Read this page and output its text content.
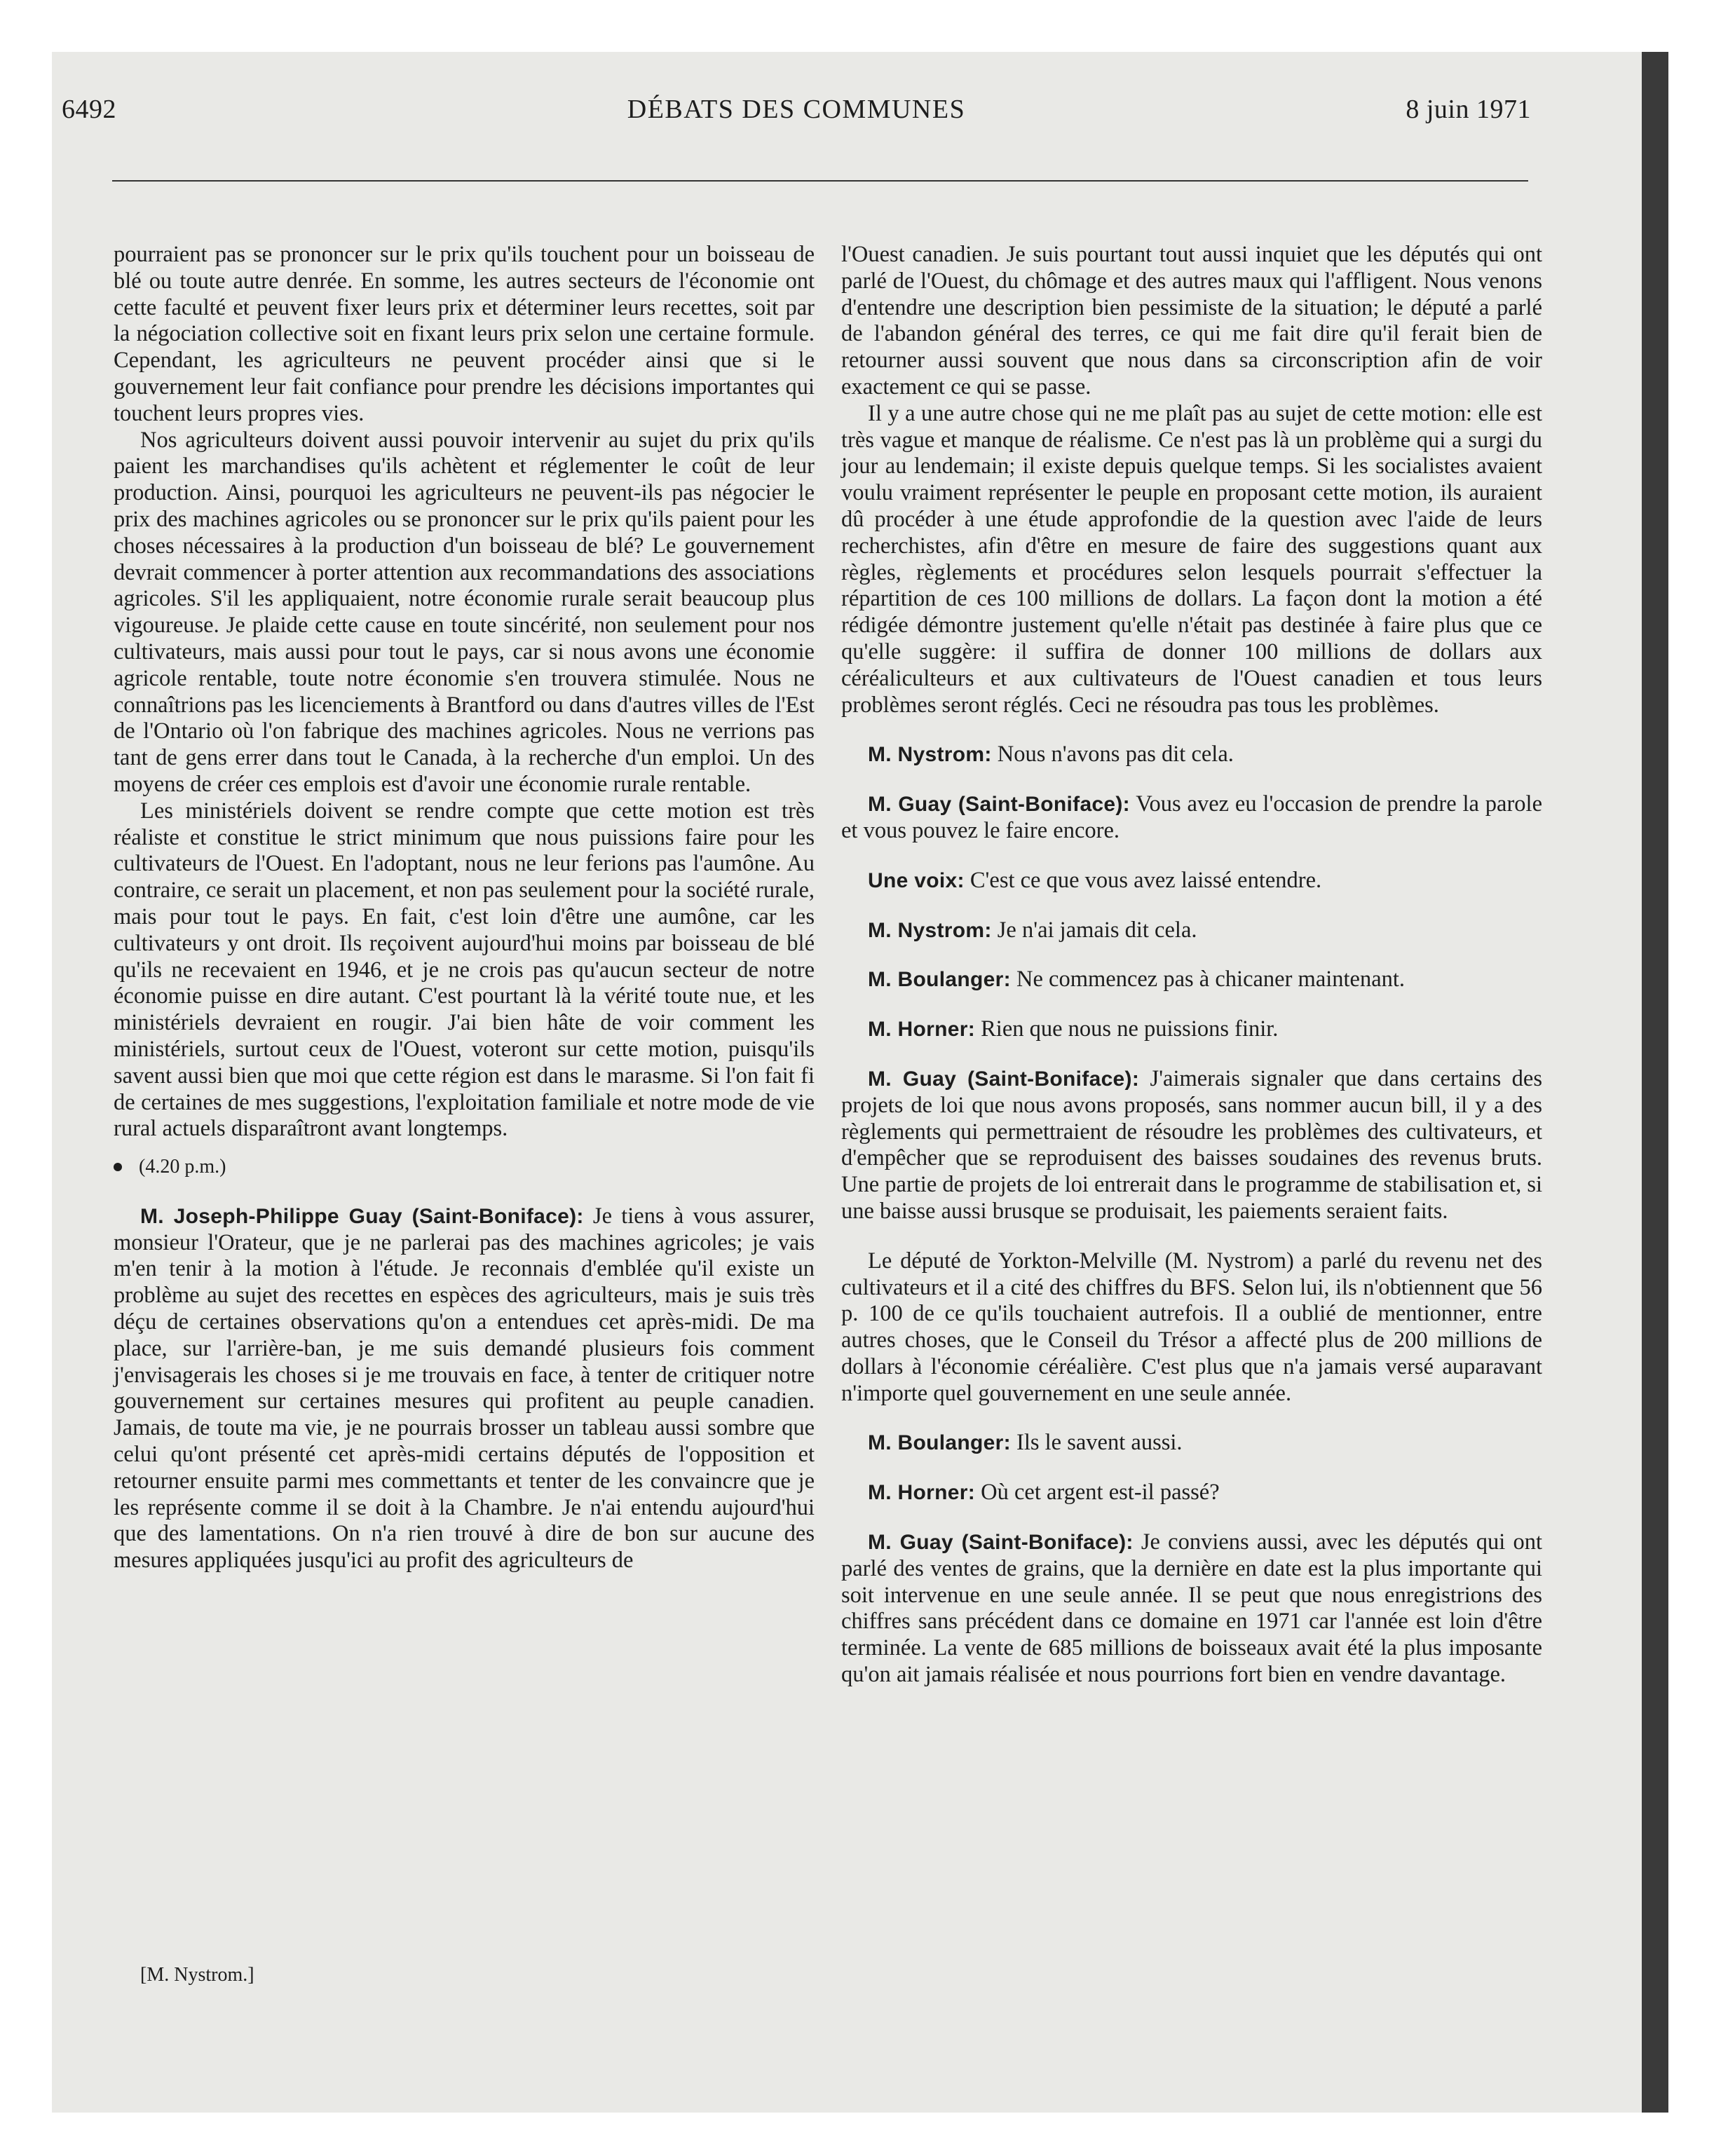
6492	DÉBATS DES COMMUNES	8 juin 1971

pourraient pas se prononcer sur le prix qu'ils touchent pour un boisseau de blé ou toute autre denrée. En somme, les autres secteurs de l'économie ont cette faculté et peuvent fixer leurs prix et déterminer leurs recettes, soit par la négociation collective soit en fixant leurs prix selon une certaine formule. Cependant, les agriculteurs ne peuvent procéder ainsi que si le gouvernement leur fait confiance pour prendre les décisions importantes qui touchent leurs propres vies.

Nos agriculteurs doivent aussi pouvoir intervenir au sujet du prix qu'ils paient les marchandises qu'ils achètent et réglementer le coût de leur production. Ainsi, pourquoi les agriculteurs ne peuvent-ils pas négocier le prix des machines agricoles ou se prononcer sur le prix qu'ils paient pour les choses nécessaires à la production d'un boisseau de blé? Le gouvernement devrait commencer à porter attention aux recommandations des associations agricoles. S'il les appliquaient, notre économie rurale serait beaucoup plus vigoureuse. Je plaide cette cause en toute sincérité, non seulement pour nos cultivateurs, mais aussi pour tout le pays, car si nous avons une économie agricole rentable, toute notre économie s'en trouvera stimulée. Nous ne connaîtrions pas les licenciements à Brantford ou dans d'autres villes de l'Est de l'Ontario où l'on fabrique des machines agricoles. Nous ne verrions pas tant de gens errer dans tout le Canada, à la recherche d'un emploi. Un des moyens de créer ces emplois est d'avoir une économie rurale rentable.

Les ministériels doivent se rendre compte que cette motion est très réaliste et constitue le strict minimum que nous puissions faire pour les cultivateurs de l'Ouest. En l'adoptant, nous ne leur ferions pas l'aumône. Au contraire, ce serait un placement, et non pas seulement pour la société rurale, mais pour tout le pays. En fait, c'est loin d'être une aumône, car les cultivateurs y ont droit. Ils reçoivent aujourd'hui moins par boisseau de blé qu'ils ne recevaient en 1946, et je ne crois pas qu'aucun secteur de notre économie puisse en dire autant. C'est pourtant là la vérité toute nue, et les ministériels devraient en rougir. J'ai bien hâte de voir comment les ministériels, surtout ceux de l'Ouest, voteront sur cette motion, puisqu'ils savent aussi bien que moi que cette région est dans le marasme. Si l'on fait fi de certaines de mes suggestions, l'exploitation familiale et notre mode de vie rural actuels disparaîtront avant longtemps.

(4.20 p.m.)

M. Joseph-Philippe Guay (Saint-Boniface): Je tiens à vous assurer, monsieur l'Orateur, que je ne parlerai pas des machines agricoles; je vais m'en tenir à la motion à l'étude. Je reconnais d'emblée qu'il existe un problème au sujet des recettes en espèces des agriculteurs, mais je suis très déçu de certaines observations qu'on a entendues cet après-midi. De ma place, sur l'arrière-ban, je me suis demandé plusieurs fois comment j'envisagerais les choses si je me trouvais en face, à tenter de critiquer notre gouvernement sur certaines mesures qui profitent au peuple canadien. Jamais, de toute ma vie, je ne pourrais brosser un tableau aussi sombre que celui qu'ont présenté cet après-midi certains députés de l'opposition et retourner ensuite parmi mes commettants et tenter de les convaincre que je les représente comme il se doit à la Chambre. Je n'ai entendu aujourd'hui que des lamentations. On n'a rien trouvé à dire de bon sur aucune des mesures appliquées jusqu'ici au profit des agriculteurs de

[M. Nystrom.]

l'Ouest canadien. Je suis pourtant tout aussi inquiet que les députés qui ont parlé de l'Ouest, du chômage et des autres maux qui l'affligent. Nous venons d'entendre une description bien pessimiste de la situation; le député a parlé de l'abandon général des terres, ce qui me fait dire qu'il ferait bien de retourner aussi souvent que nous dans sa circonscription afin de voir exactement ce qui se passe.

Il y a une autre chose qui ne me plaît pas au sujet de cette motion: elle est très vague et manque de réalisme. Ce n'est pas là un problème qui a surgi du jour au lendemain; il existe depuis quelque temps. Si les socialistes avaient voulu vraiment représenter le peuple en proposant cette motion, ils auraient dû procéder à une étude approfondie de la question avec l'aide de leurs recherchistes, afin d'être en mesure de faire des suggestions quant aux règles, règlements et procédures selon lesquels pourrait s'effectuer la répartition de ces 100 millions de dollars. La façon dont la motion a été rédigée démontre justement qu'elle n'était pas destinée à faire plus que ce qu'elle suggère: il suffira de donner 100 millions de dollars aux céréaliculteurs et aux cultivateurs de l'Ouest canadien et tous leurs problèmes seront réglés. Ceci ne résoudra pas tous les problèmes.

M. Nystrom: Nous n'avons pas dit cela.

M. Guay (Saint-Boniface): Vous avez eu l'occasion de prendre la parole et vous pouvez le faire encore.

Une voix: C'est ce que vous avez laissé entendre.

M. Nystrom: Je n'ai jamais dit cela.

M. Boulanger: Ne commencez pas à chicaner maintenant.

M. Horner: Rien que nous ne puissions finir.

M. Guay (Saint-Boniface): J'aimerais signaler que dans certains des projets de loi que nous avons proposés, sans nommer aucun bill, il y a des règlements qui permettraient de résoudre les problèmes des cultivateurs, et d'empêcher que se reproduisent des baisses soudaines des revenus bruts. Une partie de projets de loi entrerait dans le programme de stabilisation et, si une baisse aussi brusque se produisait, les paiements seraient faits.

Le député de Yorkton-Melville (M. Nystrom) a parlé du revenu net des cultivateurs et il a cité des chiffres du BFS. Selon lui, ils n'obtiennent que 56 p. 100 de ce qu'ils touchaient autrefois. Il a oublié de mentionner, entre autres choses, que le Conseil du Trésor a affecté plus de 200 millions de dollars à l'économie céréalière. C'est plus que n'a jamais versé auparavant n'importe quel gouvernement en une seule année.

M. Boulanger: Ils le savent aussi.

M. Horner: Où cet argent est-il passé?

M. Guay (Saint-Boniface): Je conviens aussi, avec les députés qui ont parlé des ventes de grains, que la dernière en date est la plus importante qui soit intervenue en une seule année. Il se peut que nous enregistrions des chiffres sans précédent dans ce domaine en 1971 car l'année est loin d'être terminée. La vente de 685 millions de boisseaux avait été la plus imposante qu'on ait jamais réalisée et nous pourrions fort bien en vendre davantage.
